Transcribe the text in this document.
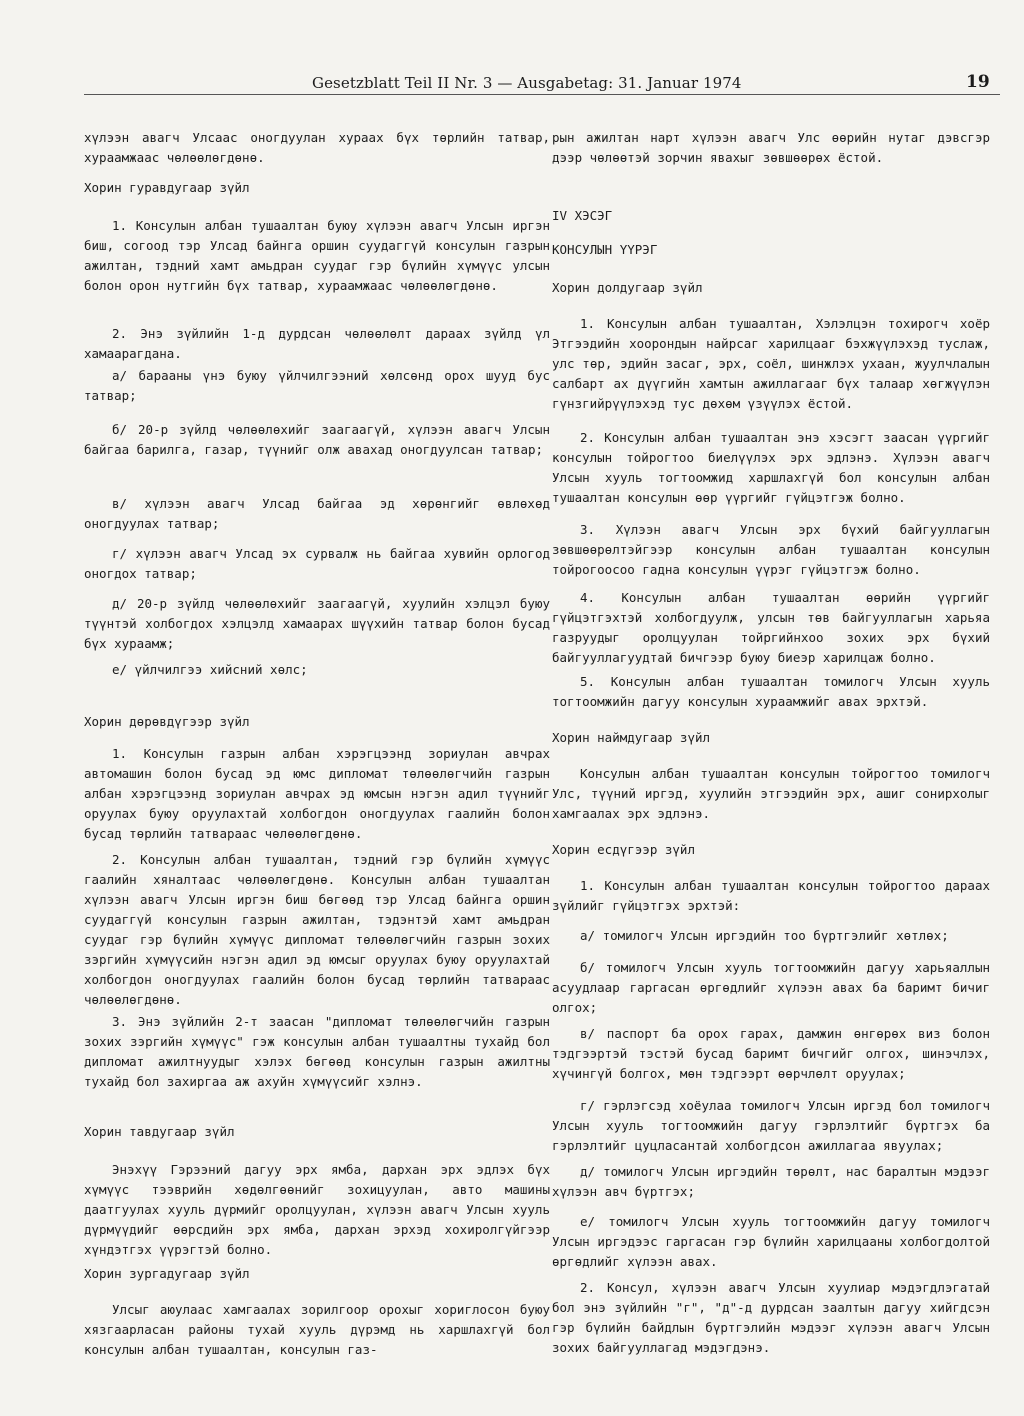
Gesetzblatt Teil II Nr. 3 — Ausgabetag: 31. Januar 1974	19

хүлээн авагч Улсаас оногдуулан хураах бүх төрлийн татвар, хураамжаас чөлөөлөгдөнө.

Хорин гуравдугаар зүйл

1. Консулын албан тушаалтан буюу хүлээн авагч Улсын иргэн биш, согоод тэр Улсад байнга оршин суудаггүй консулын газрын ажилтан, тэдний хамт амьдран суудаг гэр бүлийн хүмүүс улсын болон орон нутгийн бүх татвар, хураамжаас чөлөөлөгдөнө.

2. Энэ зүйлийн 1-д дурдсан чөлөөлөлт дараах зүйлд үл хамаарагдана.

а/ барааны үнэ буюу үйлчилгээний хөлсөнд орох шууд бус татвар;

б/ 20-р зүйлд чөлөөлөхийг заагаагүй, хүлээн авагч Улсын байгаа барилга, газар, түүнийг олж авахад оногдуулсан татвар;

в/ хүлээн авагч Улсад байгаа эд хөрөнгийг өвлөхөд оногдуулах татвар;

г/ хүлээн авагч Улсад эх сурвалж нь байгаа хувийн орлогод оногдох татвар;

д/ 20-р зүйлд чөлөөлөхийг заагаагүй, хуулийн хэлцэл буюу түүнтэй холбогдох хэлцэлд хамаарах шүүхийн татвар болон бусад бүх хураамж;

е/ үйлчилгээ хийсний хөлс;

Хорин дөрөвдүгээр зүйл

1. Консулын газрын албан хэрэгцээнд зориулан авчрах автомашин болон бусад эд юмс дипломат төлөөлөгчийн газрын албан хэрэгцээнд зориулан авчрах эд юмсын нэгэн адил түүнийг оруулах буюу оруулахтай холбогдон оногдуулах гаалийн болон бусад төрлийн татвараас чөлөөлөгдөнө.

2. Консулын албан тушаалтан, тэдний гэр бүлийн хүмүүс гаалийн хяналтаас чөлөөлөгдөнө. Консулын албан тушаалтан хүлээн авагч Улсын иргэн биш бөгөөд тэр Улсад байнга оршин суудаггүй консулын газрын ажилтан, тэдэнтэй хамт амьдран суудаг гэр бүлийн хүмүүс дипломат төлөөлөгчийн газрын зохих зэргийн хүмүүсийн нэгэн адил эд юмсыг оруулах буюу оруулахтай холбогдон оногдуулах гаалийн болон бусад төрлийн татвараас чөлөөлөгдөнө.

3. Энэ зүйлийн 2-т заасан "дипломат төлөөлөгчийн газрын зохих зэргийн хүмүүс" гэж консулын албан тушаалтны тухайд бол дипломат ажилтнуудыг хэлэх бөгөөд консулын газрын ажилтны тухайд бол захиргаа аж ахуйн хүмүүсийг хэлнэ.

Хорин тавдугаар зүйл

Энэхүү Гэрээний дагуу эрх ямба, дархан эрх эдлэх бүх хүмүүс тээврийн хөдөлгөөнийг зохицуулан, авто машины даатгуулах хууль дүрмийг оролцуулан, хүлээн авагч Улсын хууль дүрмүүдийг өөрсдийн эрх ямба, дархан эрхэд хохиролгүйгээр хүндэтгэх үүрэгтэй болно.

Хорин зургадугаар зүйл

Улсыг аюулаас хамгаалах зорилгоор орохыг хориглосон буюу хязгаарласан районы тухай хууль дүрэмд нь харшлахгүй бол консулын албан тушаалтан, консулын газ-

рын ажилтан нарт хүлээн авагч Улс өөрийн нутаг дэвсгэр дээр чөлөөтэй зорчин явахыг зөвшөөрөх ёстой.

IV ХЭСЭГ

КОНСУЛЫН ҮҮРЭГ

Хорин долдугаар зүйл

1. Консулын албан тушаалтан, Хэлэлцэн тохирогч хоёр Этгээдийн хоорондын найрсаг харилцааг бэхжүүлэхэд туслаж, улс төр, эдийн засаг, эрх, соёл, шинжлэх ухаан, жуулчлалын салбарт ах дүүгийн хамтын ажиллагааг бүх талаар хөгжүүлэн гүнзгийрүүлэхэд тус дөхөм үзүүлэх ёстой.

2. Консулын албан тушаалтан энэ хэсэгт заасан үүргийг консулын тойрогтоо биелүүлэх эрх эдлэнэ. Хүлээн авагч Улсын хууль тогтоомжид харшлахгүй бол консулын албан тушаалтан консулын өөр үүргийг гүйцэтгэж болно.

3. Хүлээн авагч Улсын эрх бүхий байгууллагын зөвшөөрөлтэйгээр консулын албан тушаалтан консулын тойрогоосоо гадна консулын үүрэг гүйцэтгэж болно.

4. Консулын албан тушаалтан өөрийн үүргийг гүйцэтгэхтэй холбогдуулж, улсын төв байгууллагын харьяа газруудыг оролцуулан тойргийнхоо зохих эрх бүхий байгууллагуудтай бичгээр буюу биеэр харилцаж болно.

5. Консулын албан тушаалтан томилогч Улсын хууль тогтоомжийн дагуу консулын хураамжийг авах эрхтэй.

Хорин наймдугаар зүйл

Консулын албан тушаалтан консулын тойрогтоо томилогч Улс, түүний иргэд, хуулийн этгээдийн эрх, ашиг сонирхолыг хамгаалах эрх эдлэнэ.

Хорин есдүгээр зүйл

1. Консулын албан тушаалтан консулын тойрогтоо дараах зүйлийг гүйцэтгэх эрхтэй:

а/ томилогч Улсын иргэдийн тоо бүртгэлийг хөтлөх;

б/ томилогч Улсын хууль тогтоомжийн дагуу харьяаллын асуудлаар гаргасан өргөдлийг хүлээн авах ба баримт бичиг олгох;

в/ паспорт ба орох гарах, дамжин өнгөрөх виз болон тэдгээртэй тэстэй бусад баримт бичгийг олгох, шинэчлэх, хүчингүй болгох, мөн тэдгээрт өөрчлөлт оруулах;

г/ гэрлэгсэд хоёулаа томилогч Улсын иргэд бол томилогч Улсын хууль тогтоомжийн дагуу гэрлэлтийг бүртгэх ба гэрлэлтийг цуцласантай холбогдсон ажиллагаа явуулах;

д/ томилогч Улсын иргэдийн төрөлт, нас баралтын мэдээг хүлээн авч бүртгэх;

е/ томилогч Улсын хууль тогтоомжийн дагуу томилогч Улсын иргэдээс гаргасан гэр бүлийн харилцааны холбогдолтой өргөдлийг хүлээн авах.

2. Консул, хүлээн авагч Улсын хуулиар мэдэгдлэгатай бол энэ зүйлийн "г", "д"-д дурдсан заалтын дагуу хийгдсэн гэр бүлийн байдлын бүртгэлийн мэдээг хүлээн авагч Улсын зохих байгууллагад мэдэгдэнэ.
